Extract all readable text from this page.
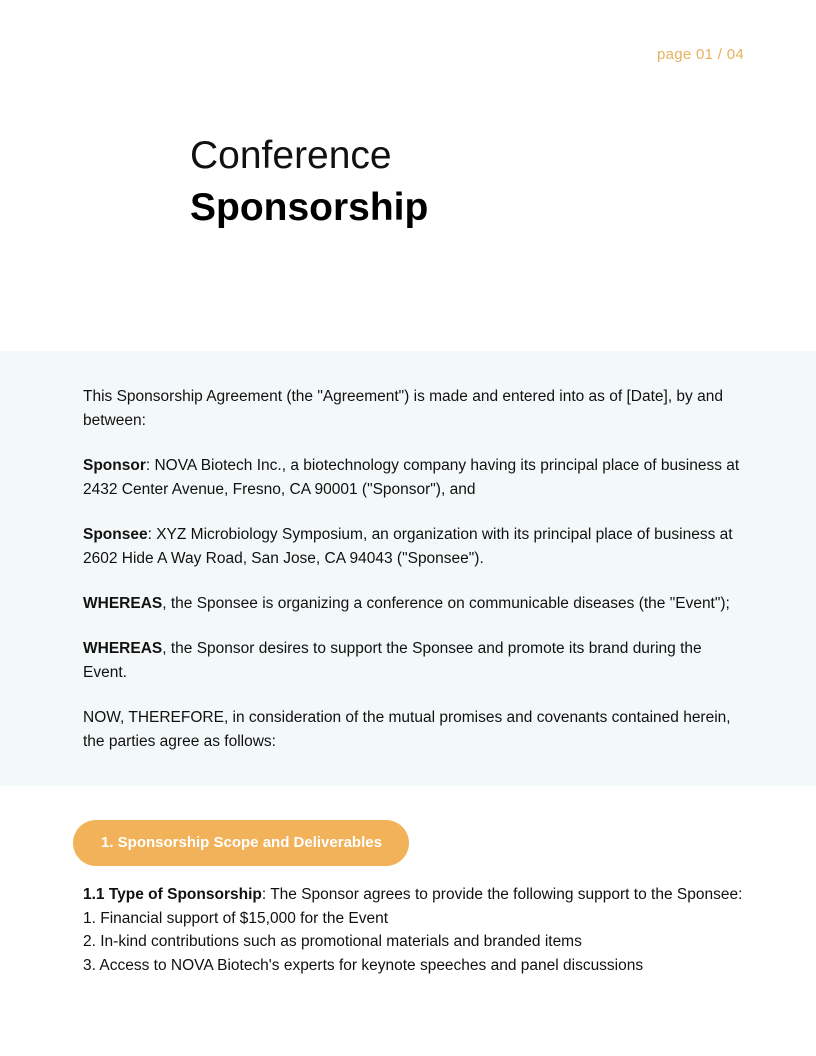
page 01 / 04
Conference
Sponsorship

This Sponsorship Agreement (the "Agreement") is made and entered into as of [Date], by and between:

Sponsor: NOVA Biotech Inc., a biotechnology company having its principal place of business at 2432 Center Avenue, Fresno, CA 90001 ("Sponsor"), and

Sponsee: XYZ Microbiology Symposium, an organization with its principal place of business at 2602 Hide A Way Road, San Jose, CA 94043 ("Sponsee").

WHEREAS, the Sponsee is organizing a conference on communicable diseases (the "Event");

WHEREAS, the Sponsor desires to support the Sponsee and promote its brand during the Event.

NOW, THEREFORE, in consideration of the mutual promises and covenants contained herein, the parties agree as follows:

1. Sponsorship Scope and Deliverables

1.1 Type of Sponsorship: The Sponsor agrees to provide the following support to the Sponsee:

1. Financial support of $15,000 for the Event
2. In-kind contributions such as promotional materials and branded items
3. Access to NOVA Biotech's experts for keynote speeches and panel discussions
